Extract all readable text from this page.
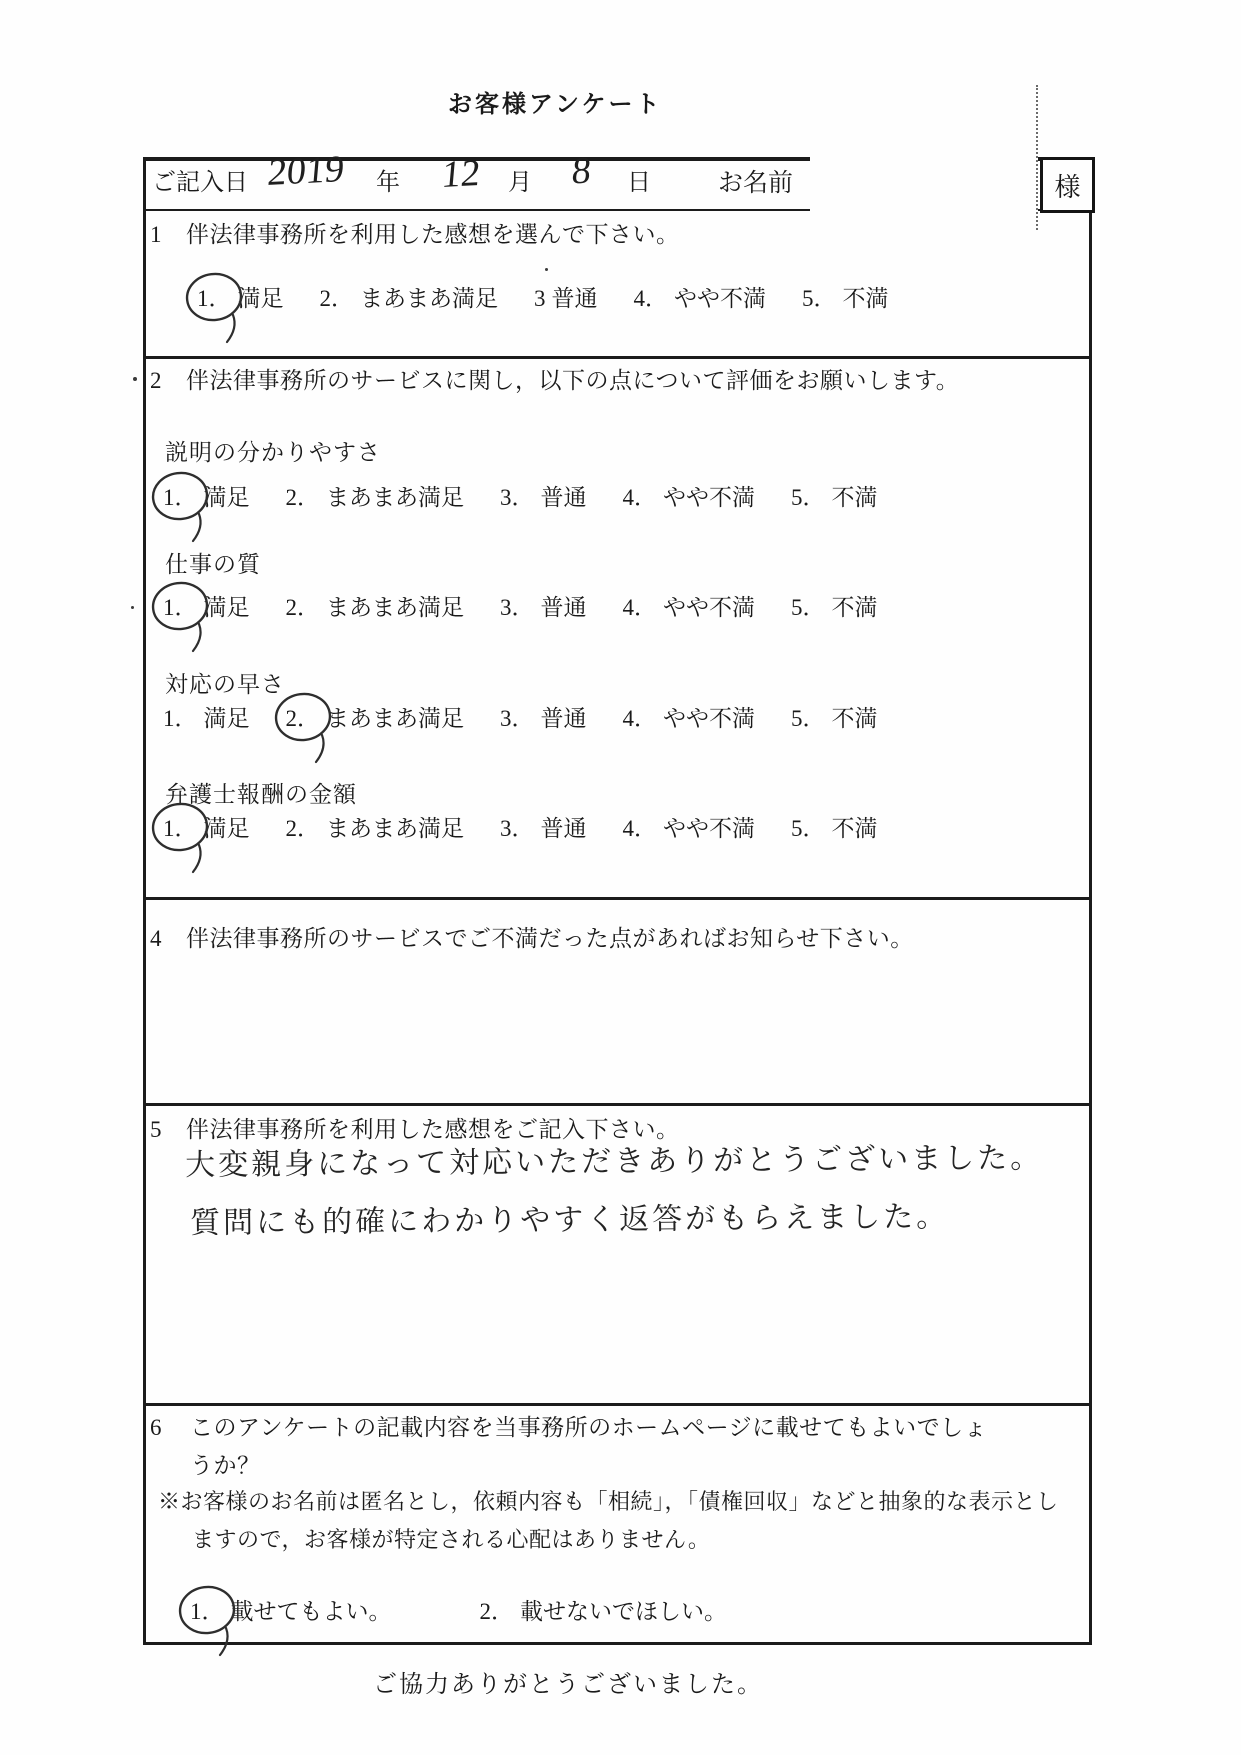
お客様アンケート
ご記入日 2019 年 12 月 8 日	お名前	様
1 伴法律事務所を利用した感想を選んで下さい。
1． 満足 2． まあまあ満足 3 普通 4． やや不満 5． 不満
2 伴法律事務所のサービスに関し，以下の点について評価をお願いします。
説明の分かりやすさ
1． 満足 2． まあまあ満足 3． 普通 4． やや不満 5． 不満
仕事の質
1． 満足 2． まあまあ満足 3． 普通 4． やや不満 5． 不満
対応の早さ
1． 満足 2． まあまあ満足 3． 普通 4． やや不満 5． 不満
弁護士報酬の金額
1． 満足 2． まあまあ満足 3． 普通 4． やや不満 5． 不満
4 伴法律事務所のサービスでご不満だった点があればお知らせ下さい。
5 伴法律事務所を利用した感想をご記入下さい。
大変親身になって対応いただきありがとうございました。
質問にも的確にわかりやすく返答がもらえました。
6 このアンケートの記載内容を当事務所のホームページに載せてもよいでしょ
うか？
※お客様のお名前は匿名とし，依頼内容も「相続」，「債権回収」などと抽象的な表示とし
ますので，お客様が特定される心配はありません。
1． 載せてもよい。	2． 載せないでほしい。
ご協力ありがとうございました。
